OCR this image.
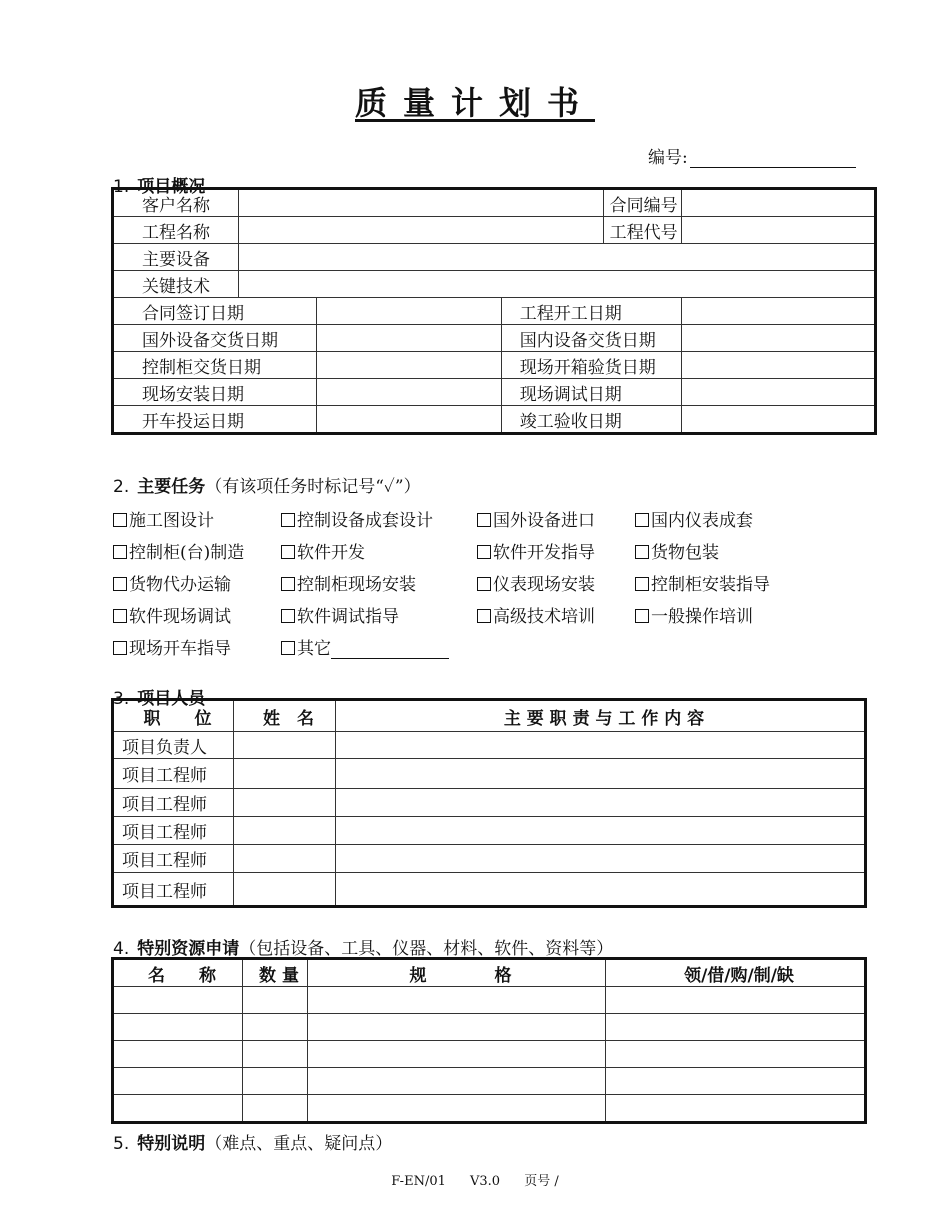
质量计划书
编号:
1. 项目概况
客户名称				合同编号	
工程名称				工程代号	
主要设备					
关键技术					
合同签订日期			工程开工日期		
国外设备交货日期			国内设备交货日期		
控制柜交货日期			现场开箱验货日期		
现场安装日期			现场调试日期		
开车投运日期			竣工验收日期		
2. 主要任务（有该项任务时标记号“✓”）
施工图设计	控制设备成套设计	国外设备进口	国内仪表成套
控制柜(台)制造	软件开发	软件开发指导	货物包装
货物代办运输	控制柜现场安装	仪表现场安装	控制柜安装指导
软件现场调试	软件调试指导	高级技术培训	一般操作培训
现场开车指导	其它
3. 项目人员
职　　位	姓　名	主 要 职 责 与 工 作 内 容
项目负责人		
项目工程师		
项目工程师		
项目工程师		
项目工程师		
项目工程师		
4. 特别资源申请（包括设备、工具、仪器、材料、软件、资料等）
名　　称	数 量	规　　　　格	领/借/购/制/缺

5. 特别说明（难点、重点、疑问点）
F-EN/01 V3.0 页号 /
